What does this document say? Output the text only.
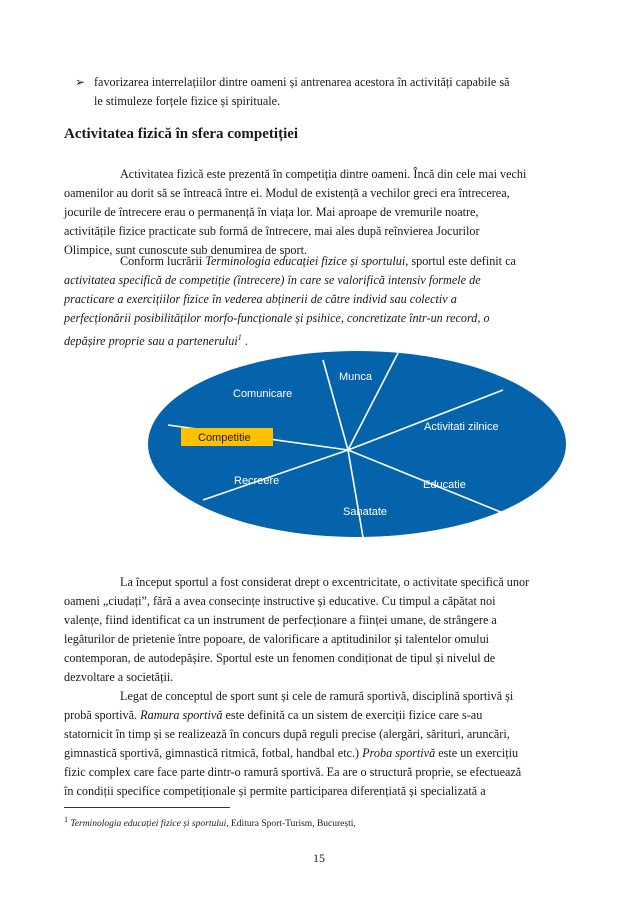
➢ favorizarea interrelațiilor dintre oameni și antrenarea acestora în activități capabile să
le stimuleze forțele fizice și spirituale.
Activitatea fizică în sfera competiției
Activitatea fizică este prezentă în competiția dintre oameni. Încă din cele mai vechi
oamenilor au dorit să se întreacă între ei. Modul de existență a vechilor greci era întrecerea,
jocurile de întrecere erau o permanență în viața lor. Mai aproape de vremurile noatre,
activitățile fizice practicate sub formă de întrecere, mai ales după reînvierea Jocurilor
Olimpice, sunt cunoscute sub denumirea de sport.
Conform lucrării Terminologia educației fizice și sportului, sportul este definit ca
activitatea specifică de competiție (întrecere) în care se valorifică intensiv formele de
practicare a exercițiilor fizice în vederea abținerii de către individ sau colectiv a
perfecționării posibilităților morfo-funcționale și psihice, concretizate într-un record, o
depășire proprie sau a partenerului$^1$ .
Munca
Comunicare
Activitati zilnice
Competitie
Recreere	Educatie
Sanatate
La început sportul a fost considerat drept o excentricitate, o activitate specifică unor
oameni „ciudați”, fără a avea consecințe instructive și educative. Cu timpul a căpătat noi
valențe, fiind identificat ca un instrument de perfecționare a ființei umane, de strângere a
legăturilor de prietenie între popoare, de valorificare a aptitudinilor și talentelor omului
contemporan, de autodepășire. Sportul este un fenomen condiționat de tipul și nivelul de
dezvoltare a societății.
Legat de conceptul de sport sunt și cele de ramură sportivă, disciplină sportivă și
probă sportivă. Ramura sportivă este definită ca un sistem de exerciții fizice care s-au
statornicit în timp și se realizează în concurs după reguli precise (alergări, sărituri, aruncări,
gimnastică sportivă, gimnastică ritmică, fotbal, handbal etc.) Proba sportivă este un exercițiu
fizic complex care face parte dintr-o ramură sportivă. Ea are o structură proprie, se efectuează
în condiții specifice competiționale și permite participarea diferențiată și specializată a
$^1$ Terminologia educației fizice și sportului, Editura Sport-Turism, București,
15
